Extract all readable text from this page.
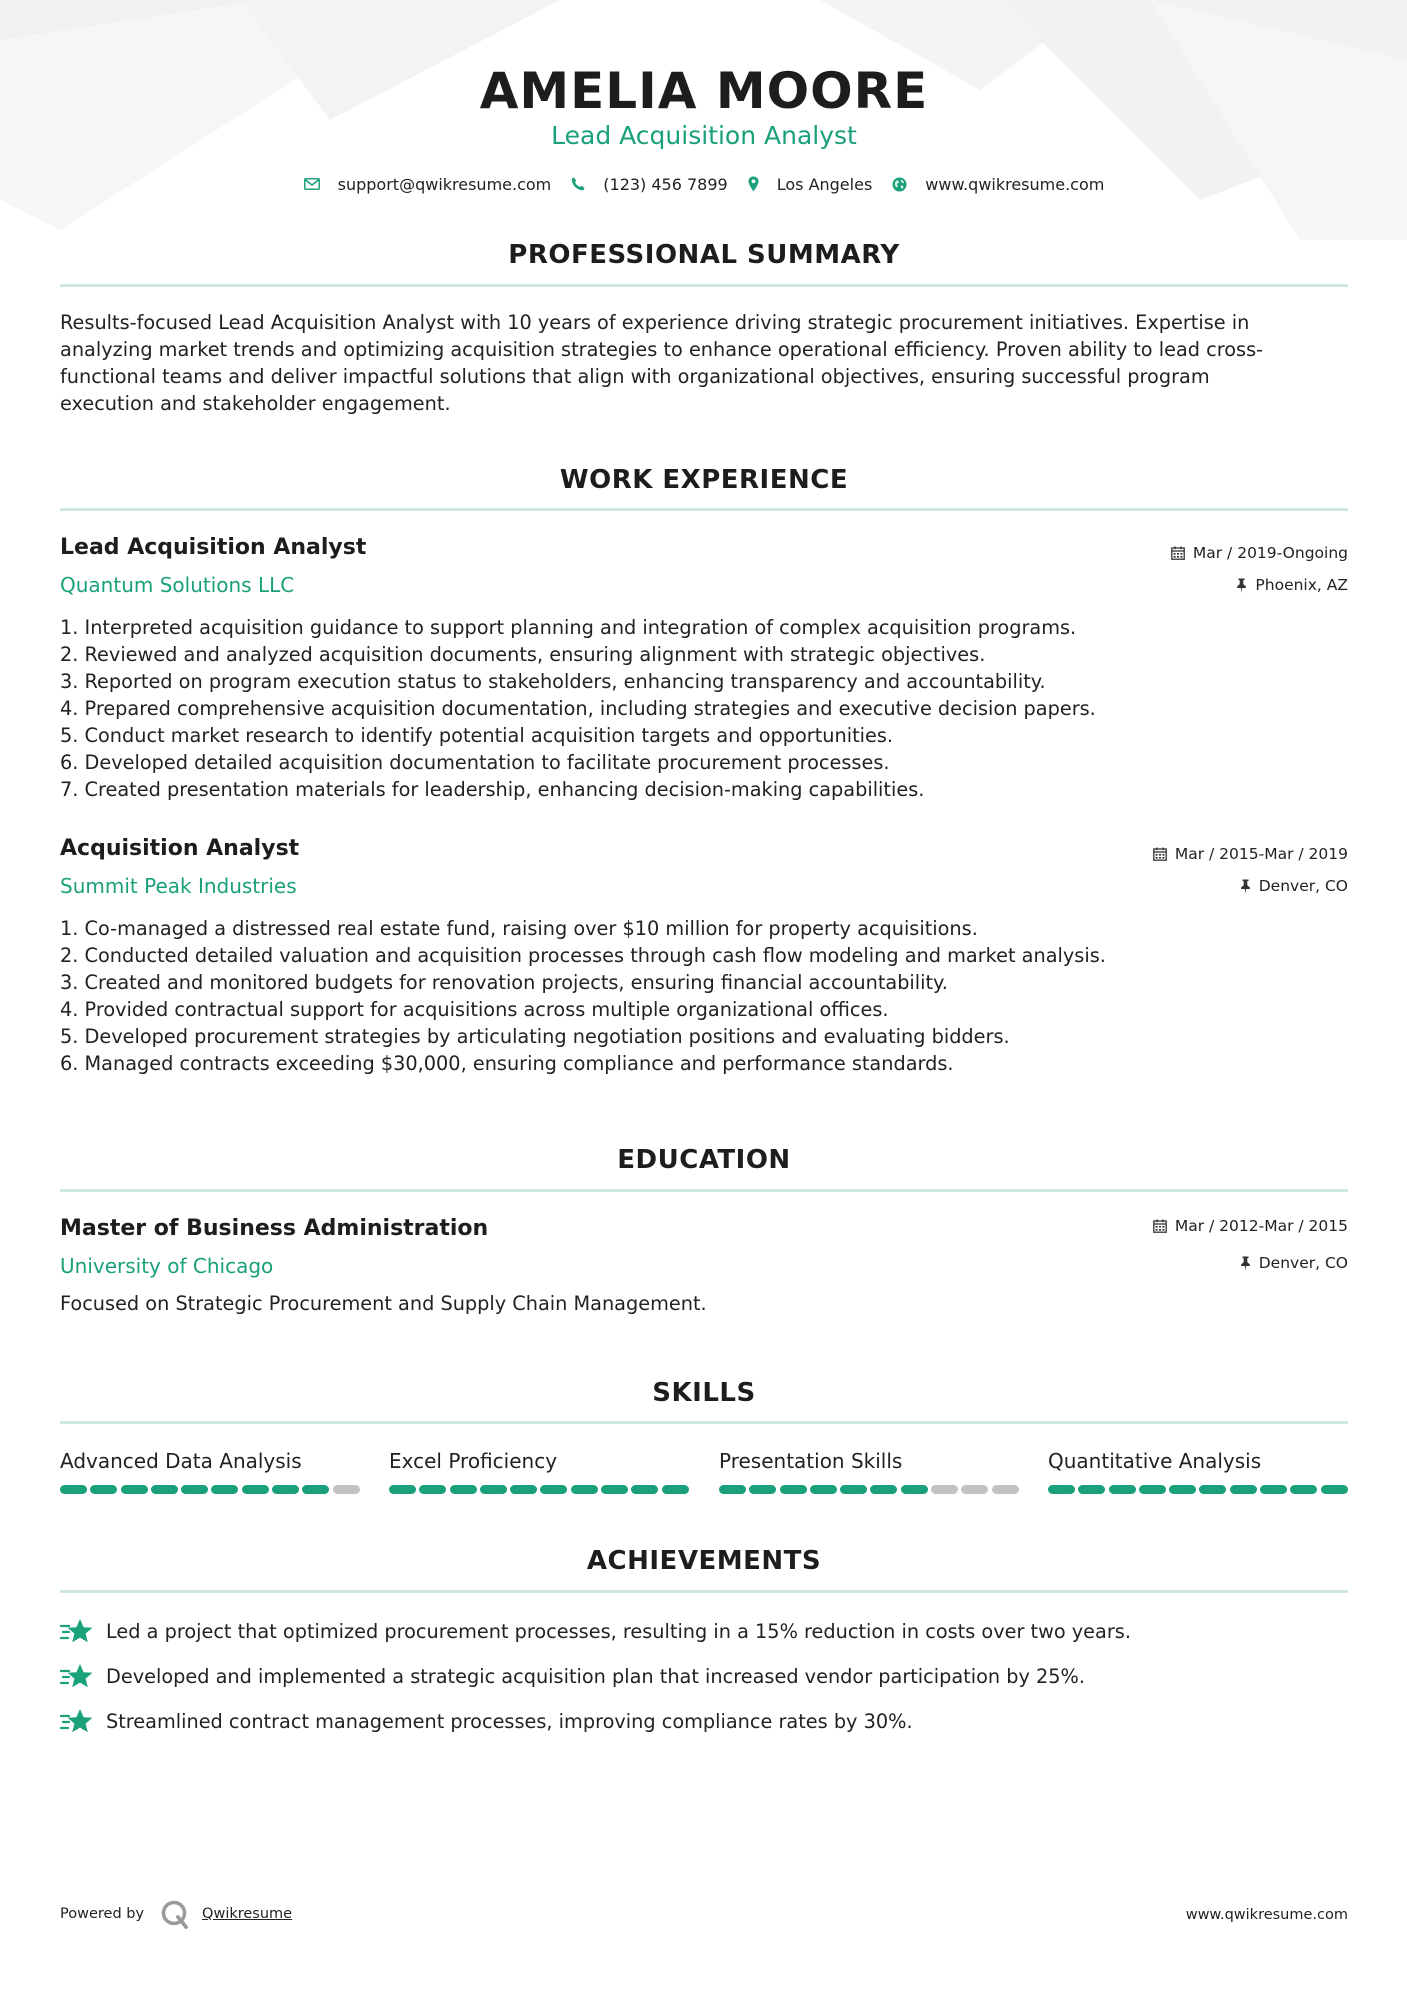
AMELIA MOORE
Lead Acquisition Analyst
support@qwikresume.com	(123) 456 7899	Los Angeles	www.qwikresume.com
PROFESSIONAL SUMMARY
Results-focused Lead Acquisition Analyst with 10 years of experience driving strategic procurement initiatives. Expertise in
analyzing market trends and optimizing acquisition strategies to enhance operational efficiency. Proven ability to lead cross-
functional teams and deliver impactful solutions that align with organizational objectives, ensuring successful program
execution and stakeholder engagement.
WORK EXPERIENCE
Lead Acquisition Analyst	Mar / 2019-Ongoing
Quantum Solutions LLC	Phoenix, AZ
1. Interpreted acquisition guidance to support planning and integration of complex acquisition programs.
2. Reviewed and analyzed acquisition documents, ensuring alignment with strategic objectives.
3. Reported on program execution status to stakeholders, enhancing transparency and accountability.
4. Prepared comprehensive acquisition documentation, including strategies and executive decision papers.
5. Conduct market research to identify potential acquisition targets and opportunities.
6. Developed detailed acquisition documentation to facilitate procurement processes.
7. Created presentation materials for leadership, enhancing decision-making capabilities.
Acquisition Analyst	Mar / 2015-Mar / 2019
Summit Peak Industries	Denver, CO
1. Co-managed a distressed real estate fund, raising over $10 million for property acquisitions.
2. Conducted detailed valuation and acquisition processes through cash flow modeling and market analysis.
3. Created and monitored budgets for renovation projects, ensuring financial accountability.
4. Provided contractual support for acquisitions across multiple organizational offices.
5. Developed procurement strategies by articulating negotiation positions and evaluating bidders.
6. Managed contracts exceeding $30,000, ensuring compliance and performance standards.
EDUCATION
Master of Business Administration	Mar / 2012-Mar / 2015
University of Chicago	Denver, CO
Focused on Strategic Procurement and Supply Chain Management.
SKILLS
Advanced Data Analysis	Excel Proficiency	Presentation Skills	Quantitative Analysis
ACHIEVEMENTS
Led a project that optimized procurement processes, resulting in a 15% reduction in costs over two years.
Developed and implemented a strategic acquisition plan that increased vendor participation by 25%.
Streamlined contract management processes, improving compliance rates by 30%.
Powered by	Qwikresume	www.qwikresume.com
